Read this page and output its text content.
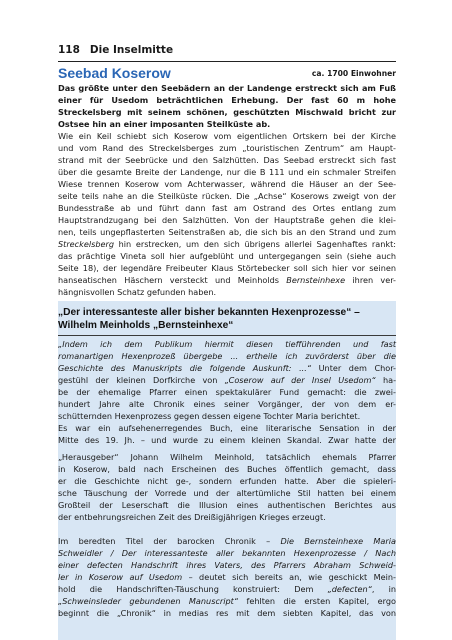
118 Die Inselmitte
Seebad Koserow	ca. 1700 Einwohner
Das größte unter den Seebädern an der Landenge erstreckt sich am Fuß einer für Usedom beträchtlichen Erhebung. Der fast 60 m hohe Streckelsberg mit seinem schönen, geschützten Mischwald bricht zur Ostsee hin an einer imposanten Steilküste ab.
Wie ein Keil schiebt sich Koserow vom eigentlichen Ortskern bei der Kirche
und vom Rand des Streckelsberges zum „touristischen Zentrum“ am Haupt-
strand mit der Seebrücke und den Salzhütten. Das Seebad erstreckt sich fast
über die gesamte Breite der Landenge, nur die B 111 und ein schmaler Streifen
Wiese trennen Koserow vom Achterwasser, während die Häuser an der See-
seite teils nahe an die Steilküste rücken. Die „Achse“ Koserows zweigt von der
Bundesstraße ab und führt dann fast am Ostrand des Ortes entlang zum
Hauptstrandzugang bei den Salzhütten. Von der Hauptstraße gehen die klei-
nen, teils ungepflasterten Seitenstraßen ab, die sich bis an den Strand und zum
Streckelsberg hin erstrecken, um den sich übrigens allerlei Sagenhaftes rankt:
das prächtige Vineta soll hier aufgeblüht und untergegangen sein (siehe auch
Seite 18), der legendäre Freibeuter Klaus Störtebecker soll sich hier vor seinen
hanseatischen Häschern versteckt und Meinholds Bernsteinhexe ihren ver-
hängnisvollen Schatz gefunden haben.
„Der interessanteste aller bisher bekannten Hexenprozesse“ –
Wilhelm Meinholds „Bernsteinhexe“
„Indem ich dem Publikum hiermit diesen tiefführenden und fast
romanartigen Hexenprozeß übergebe ... ertheile ich zuvörderst über die
Geschichte des Manuskripts die folgende Auskunft: ...“ Unter dem Chor-
gestühl der kleinen Dorfkirche von „Coserow auf der Insel Usedom“ ha-
be der ehemalige Pfarrer einen spektakulärer Fund gemacht: die zwei-
hundert Jahre alte Chronik eines seiner Vorgänger, der von dem er-
schütternden Hexenprozess gegen dessen eigene Tochter Maria berichtet.
Es war ein aufsehenerregendes Buch, eine literarische Sensation in der
Mitte des 19. Jh. – und wurde zu einem kleinen Skandal. Zwar hatte der
„Herausgeber“ Johann Wilhelm Meinhold, tatsächlich ehemals Pfarrer
in Koserow, bald nach Erscheinen des Buches öffentlich gemacht, dass
er die Geschichte nicht ge-, sondern erfunden hatte. Aber die spieleri-
sche Täuschung der Vorrede und der altertümliche Stil hatten bei einem
Großteil der Leserschaft die Illusion eines authentischen Berichtes aus
der entbehrungsreichen Zeit des Dreißigjährigen Krieges erzeugt.
Im beredten Titel der barocken Chronik – Die Bernsteinhexe Maria
Schweidler / Der interessanteste aller bekannten Hexenprozesse / Nach
einer defecten Handschrift ihres Vaters, des Pfarrers Abraham Schweid-
ler in Koserow auf Usedom – deutet sich bereits an, wie geschickt Mein-
hold die Handschriften-Täuschung konstruiert: Dem „defecten“, in
„Schweinsleder gebundenen Manuscript“ fehlten die ersten Kapitel, ergo
beginnt die „Chronik“ in medias res mit dem siebten Kapitel, das von
